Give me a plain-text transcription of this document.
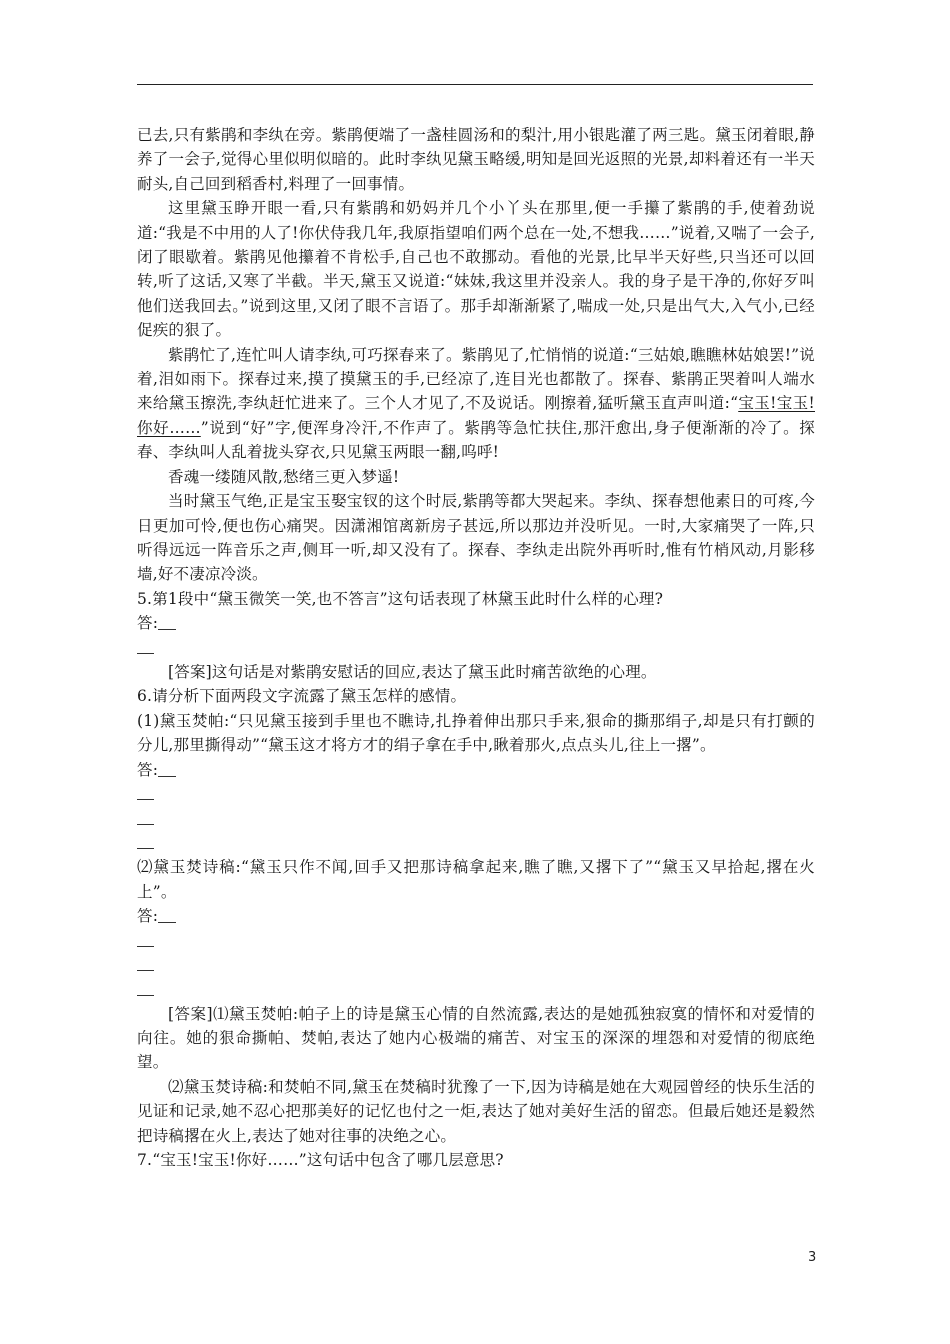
已去,只有紫鹃和李纨在旁。紫鹃便端了一盏桂圆汤和的梨汁,用小银匙灌了两三匙。黛玉闭着眼,静养了一会子,觉得心里似明似暗的。此时李纨见黛玉略缓,明知是回光返照的光景,却料着还有一半天耐头,自己回到稻香村,料理了一回事情。

这里黛玉睁开眼一看,只有紫鹃和奶妈并几个小丫头在那里,便一手攥了紫鹃的手,使着劲说道:“我是不中用的人了!你伏侍我几年,我原指望咱们两个总在一处,不想我……”说着,又喘了一会子,闭了眼歇着。紫鹃见他攥着不肯松手,自己也不敢挪动。看他的光景,比早半天好些,只当还可以回转,听了这话,又寒了半截。半天,黛玉又说道:“妹妹,我这里并没亲人。我的身子是干净的,你好歹叫他们送我回去。”说到这里,又闭了眼不言语了。那手却渐渐紧了,喘成一处,只是出气大,入气小,已经促疾的狠了。

紫鹃忙了,连忙叫人请李纨,可巧探春来了。紫鹃见了,忙悄悄的说道:“三姑娘,瞧瞧林姑娘罢!”说着,泪如雨下。探春过来,摸了摸黛玉的手,已经凉了,连目光也都散了。探春、紫鹃正哭着叫人端水来给黛玉擦洗,李纨赶忙进来了。三个人才见了,不及说话。刚擦着,猛听黛玉直声叫道:“宝玉!宝玉!你好……”说到“好”字,便浑身冷汗,不作声了。紫鹃等急忙扶住,那汗愈出,身子便渐渐的冷了。探春、李纨叫人乱着拢头穿衣,只见黛玉两眼一翻,呜呼!

香魂一缕随风散,愁绪三更入梦遥!

当时黛玉气绝,正是宝玉娶宝钗的这个时辰,紫鹃等都大哭起来。李纨、探春想他素日的可疼,今日更加可怜,便也伤心痛哭。因潇湘馆离新房子甚远,所以那边并没听见。一时,大家痛哭了一阵,只听得远远一阵音乐之声,侧耳一听,却又没有了。探春、李纨走出院外再听时,惟有竹梢风动,月影移墙,好不凄凉冷淡。

5.第1段中“黛玉微笑一笑,也不答言”这句话表现了林黛玉此时什么样的心理?

答:

[答案]这句话是对紫鹃安慰话的回应,表达了黛玉此时痛苦欲绝的心理。

6.请分析下面两段文字流露了黛玉怎样的感情。

(1)黛玉焚帕:“只见黛玉接到手里也不瞧诗,扎挣着伸出那只手来,狠命的撕那绢子,却是只有打颤的分儿,那里撕得动”“黛玉这才将方才的绢子拿在手中,瞅着那火,点点头儿,往上一撂”。

答:

⑵黛玉焚诗稿:“黛玉只作不闻,回手又把那诗稿拿起来,瞧了瞧,又撂下了”“黛玉又早拾起,撂在火上”。

答:

[答案]⑴黛玉焚帕:帕子上的诗是黛玉心情的自然流露,表达的是她孤独寂寞的情怀和对爱情的向往。她的狠命撕帕、焚帕,表达了她内心极端的痛苦、对宝玉的深深的埋怨和对爱情的彻底绝望。

⑵黛玉焚诗稿:和焚帕不同,黛玉在焚稿时犹豫了一下,因为诗稿是她在大观园曾经的快乐生活的见证和记录,她不忍心把那美好的记忆也付之一炬,表达了她对美好生活的留恋。但最后她还是毅然把诗稿撂在火上,表达了她对往事的决绝之心。

7.“宝玉!宝玉!你好……”这句话中包含了哪几层意思?

3
